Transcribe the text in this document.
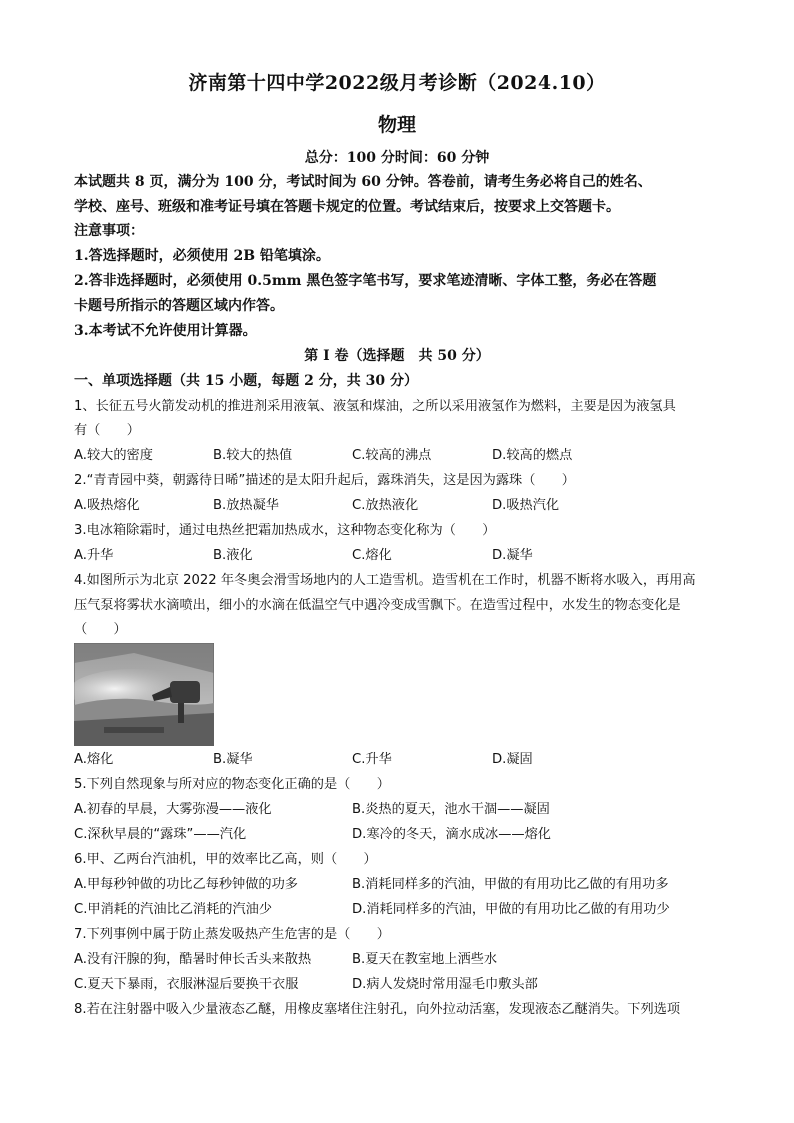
济南第十四中学2022级月考诊断（2024.10）
物理
总分：100 分时间：60 分钟
本试题共 8 页，满分为 100 分，考试时间为 60 分钟。答卷前，请考生务必将自己的姓名、
学校、座号、班级和准考证号填在答题卡规定的位置。考试结束后，按要求上交答题卡。
注意事项：
1.答选择题时，必须使用 2B 铅笔填涂。
2.答非选择题时，必须使用 0.5mm 黑色签字笔书写，要求笔迹清晰、字体工整，务必在答题
卡题号所指示的答题区域内作答。
3.本考试不允许使用计算器。
第 I 卷（选择题　共 50 分）
一、单项选择题（共 15 小题，每题 2 分，共 30 分）
1、长征五号火箭发动机的推进剂采用液氧、液氢和煤油，之所以采用液氢作为燃料，主要是因为液氢具
有（　　）
A.较大的密度	B.较大的热值	C.较高的沸点	D.较高的燃点
2.“青青园中葵，朝露待日晞”描述的是太阳升起后，露珠消失，这是因为露珠（　　）
A.吸热熔化	B.放热凝华	C.放热液化	D.吸热汽化
3.电冰箱除霜时，通过电热丝把霜加热成水，这种物态变化称为（　　）
A.升华	B.液化	C.熔化	D.凝华
4.如图所示为北京 2022 年冬奥会滑雪场地内的人工造雪机。造雪机在工作时，机器不断将水吸入，再用高
压气泵将雾状水滴喷出，细小的水滴在低温空气中遇冷变成雪飘下。在造雪过程中，水发生的物态变化是
（　　）
A.熔化	B.凝华	C.升华	D.凝固
5.下列自然现象与所对应的物态变化正确的是（　　）
A.初春的早晨，大雾弥漫——液化	B.炎热的夏天，池水干涸——凝固
C.深秋早晨的“露珠”——汽化	D.寒冷的冬天，滴水成冰——熔化
6.甲、乙两台汽油机，甲的效率比乙高，则（　　）
A.甲每秒钟做的功比乙每秒钟做的功多	B.消耗同样多的汽油，甲做的有用功比乙做的有用功多
C.甲消耗的汽油比乙消耗的汽油少	D.消耗同样多的汽油，甲做的有用功比乙做的有用功少
7.下列事例中属于防止蒸发吸热产生危害的是（　　）
A.没有汗腺的狗，酷暑时伸长舌头来散热	B.夏天在教室地上洒些水
C.夏天下暴雨，衣服淋湿后要换干衣服	D.病人发烧时常用湿毛巾敷头部
8.若在注射器中吸入少量液态乙醚，用橡皮塞堵住注射孔，向外拉动活塞，发现液态乙醚消失。下列选项
